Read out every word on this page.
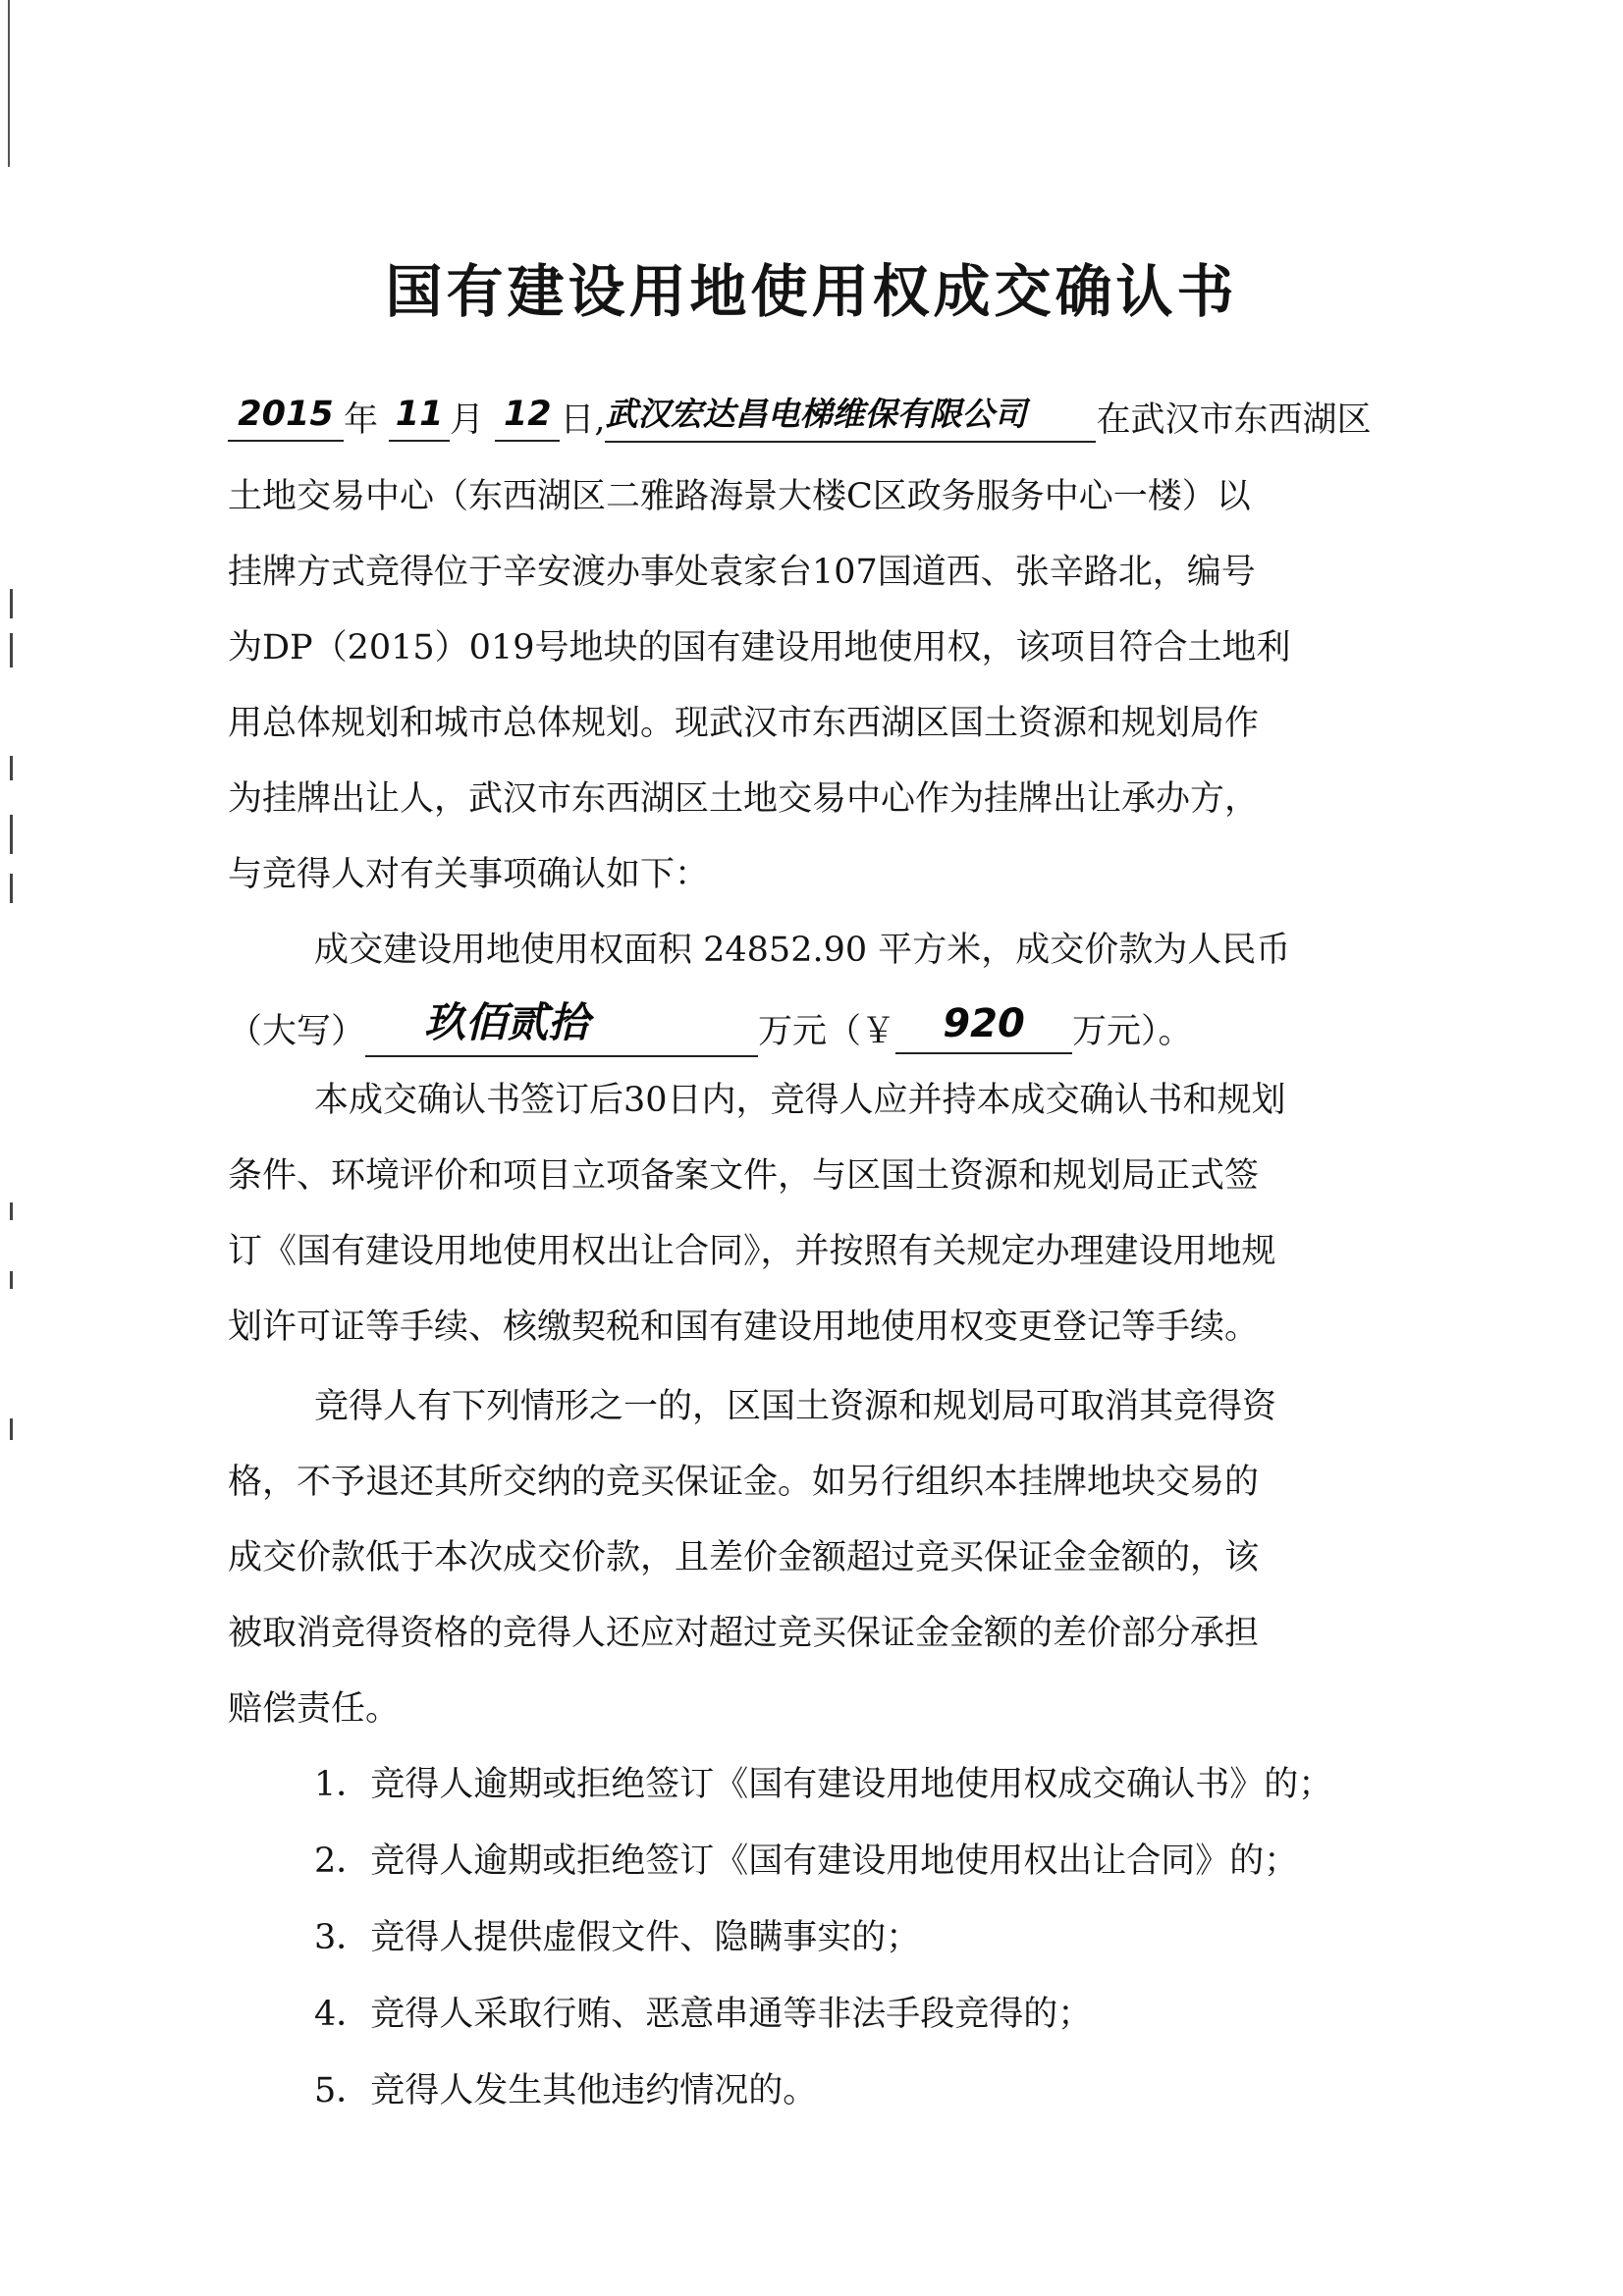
国有建设用地使用权成交确认书
2015 年 11 月 12 日,武汉宏达昌电梯维保有限公司 在武汉市东西湖区
土地交易中心（东西湖区二雅路海景大楼C区政务服务中心一楼）以
挂牌方式竞得位于辛安渡办事处袁家台107国道西、张辛路北，编号
为DP（2015）019号地块的国有建设用地使用权，该项目符合土地利
用总体规划和城市总体规划。现武汉市东西湖区国土资源和规划局作
为挂牌出让人，武汉市东西湖区土地交易中心作为挂牌出让承办方，
与竞得人对有关事项确认如下：
成交建设用地使用权面积 24852.90 平方米，成交价款为人民币
（大写） 玖佰贰拾	万元（￥ 920 万元）。
本成交确认书签订后30日内，竞得人应并持本成交确认书和规划
条件、环境评价和项目立项备案文件，与区国土资源和规划局正式签
订《国有建设用地使用权出让合同》，并按照有关规定办理建设用地规
划许可证等手续、核缴契税和国有建设用地使用权变更登记等手续。
竞得人有下列情形之一的，区国土资源和规划局可取消其竞得资
格，不予退还其所交纳的竞买保证金。如另行组织本挂牌地块交易的
成交价款低于本次成交价款，且差价金额超过竞买保证金金额的，该
被取消竞得资格的竞得人还应对超过竞买保证金金额的差价部分承担
赔偿责任。
1．竞得人逾期或拒绝签订《国有建设用地使用权成交确认书》的；
2．竞得人逾期或拒绝签订《国有建设用地使用权出让合同》的；
3．竞得人提供虚假文件、隐瞒事实的；
4．竞得人采取行贿、恶意串通等非法手段竞得的；
5．竞得人发生其他违约情况的。
